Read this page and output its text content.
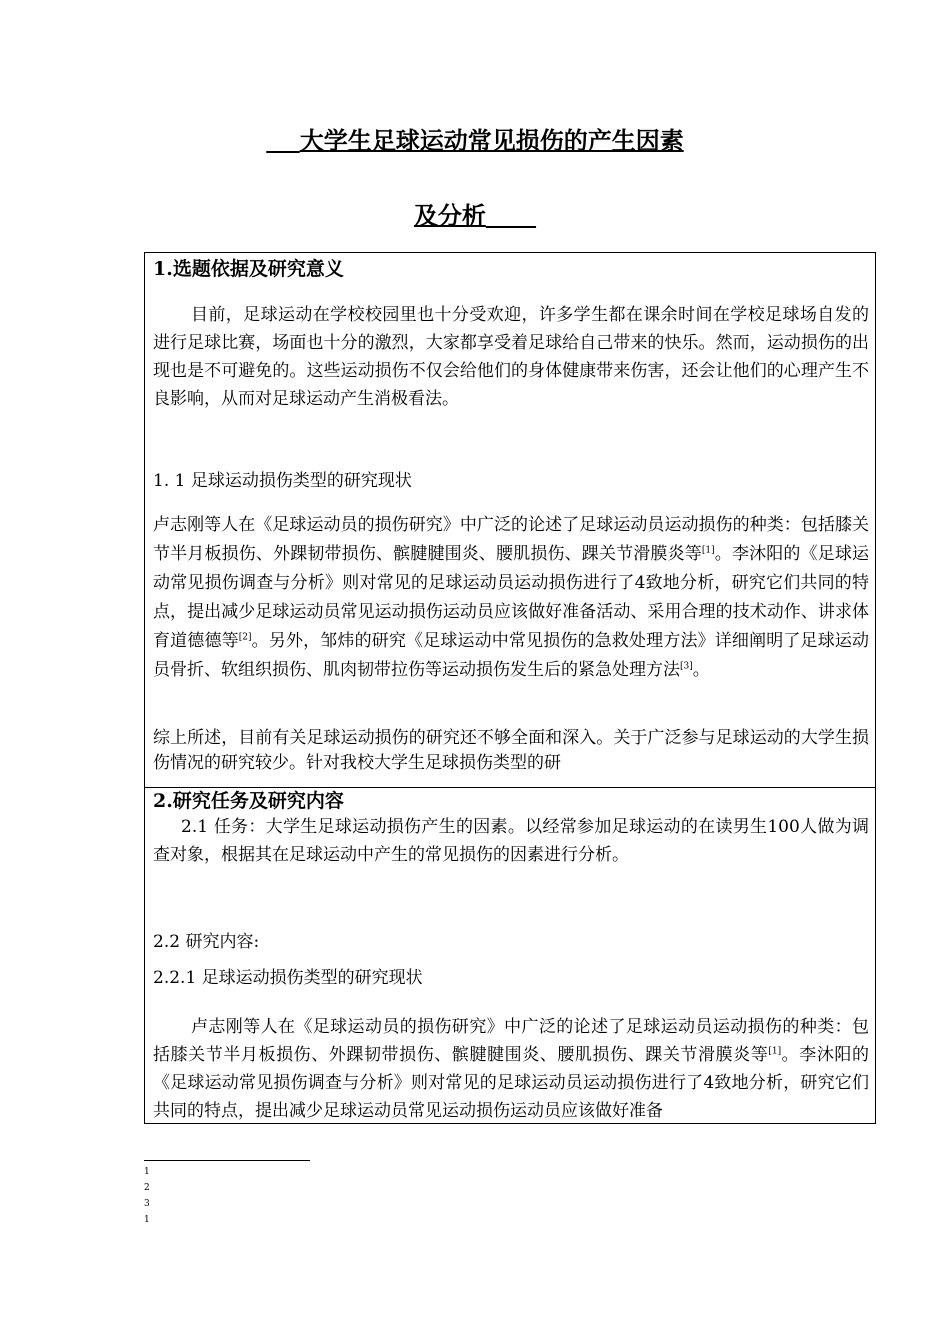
大学生足球运动常见损伤的产生因素
及分析
1.选题依据及研究意义
目前，足球运动在学校校园里也十分受欢迎，许多学生都在课余时间在学校足球场自发的进行足球比赛，场面也十分的激烈，大家都享受着足球给自己带来的快乐。然而，运动损伤的出现也是不可避免的。这些运动损伤不仅会给他们的身体健康带来伤害，还会让他们的心理产生不良影响，从而对足球运动产生消极看法。
1. 1 足球运动损伤类型的研究现状
卢志刚等人在《足球运动员的损伤研究》中广泛的论述了足球运动员运动损伤的种类：包括膝关节半月板损伤、外踝韧带损伤、髌腱腱围炎、腰肌损伤、踝关节滑膜炎等[1]。李沐阳的《足球运动常见损伤调查与分析》则对常见的足球运动员运动损伤进行了4致地分析，研究它们共同的特点，提出减少足球运动员常见运动损伤运动员应该做好准备活动、采用合理的技术动作、讲求体育道德德等[2]。另外，邹炜的研究《足球运动中常见损伤的急救处理方法》详细阐明了足球运动员骨折、软组织损伤、肌肉韧带拉伤等运动损伤发生后的紧急处理方法[3]。
综上所述，目前有关足球运动损伤的研究还不够全面和深入。关于广泛参与足球运动的大学生损伤情况的研究较少。针对我校大学生足球损伤类型的研
2.研究任务及研究内容
2.1 任务：大学生足球运动损伤产生的因素。以经常参加足球运动的在读男生100人做为调查对象，根据其在足球运动中产生的常见损伤的因素进行分析。
2.2 研究内容:
2.2.1 足球运动损伤类型的研究现状
卢志刚等人在《足球运动员的损伤研究》中广泛的论述了足球运动员运动损伤的种类：包括膝关节半月板损伤、外踝韧带损伤、髌腱腱围炎、腰肌损伤、踝关节滑膜炎等[1]。李沐阳的《足球运动常见损伤调查与分析》则对常见的足球运动员运动损伤进行了4致地分析，研究它们共同的特点，提出减少足球运动员常见运动损伤运动员应该做好准备
1
2
3
1
